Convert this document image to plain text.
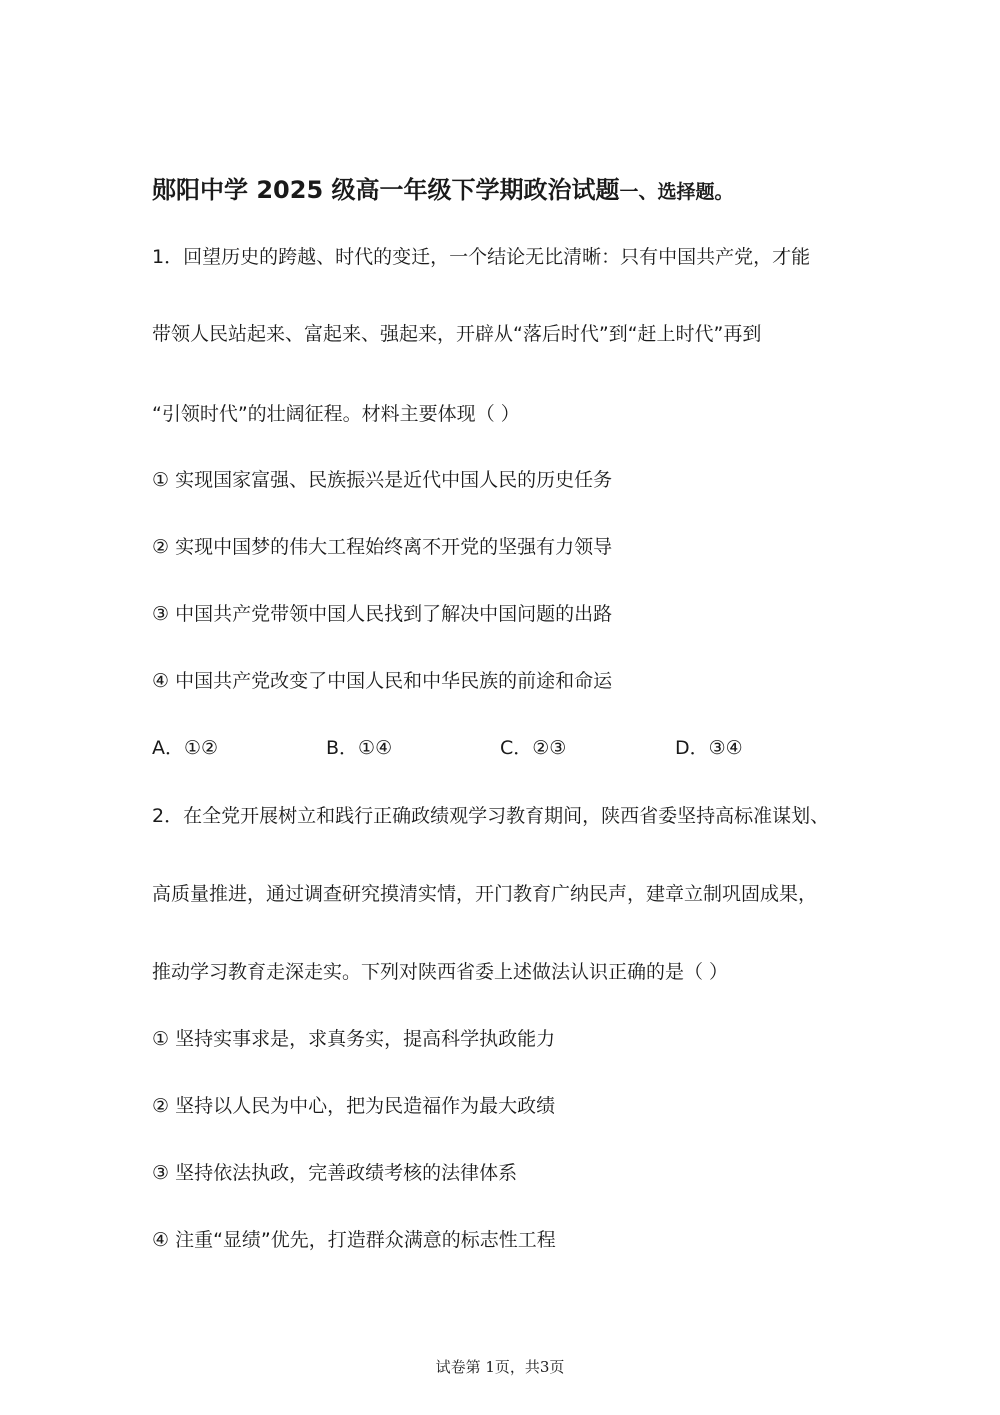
郧阳中学 2025 级高一年级下学期政治试题一、选择题。
1．回望历史的跨越、时代的变迁，一个结论无比清晰：只有中国共产党，才能
带领人民站起来、富起来、强起来，开辟从“落后时代”到“赶上时代”再到
“引领时代”的壮阔征程。材料主要体现（ ）
① 实现国家富强、民族振兴是近代中国人民的历史任务
② 实现中国梦的伟大工程始终离不开党的坚强有力领导
③ 中国共产党带领中国人民找到了解决中国问题的出路
④ 中国共产党改变了中国人民和中华民族的前途和命运
A．①②	B．①④	C．②③	D．③④
2．在全党开展树立和践行正确政绩观学习教育期间，陕西省委坚持高标准谋划、
高质量推进，通过调查研究摸清实情，开门教育广纳民声，建章立制巩固成果，
推动学习教育走深走实。下列对陕西省委上述做法认识正确的是（ ）
① 坚持实事求是，求真务实，提高科学执政能力
② 坚持以人民为中心，把为民造福作为最大政绩
③ 坚持依法执政，完善政绩考核的法律体系
④ 注重“显绩”优先，打造群众满意的标志性工程
试卷第 1页，共3页
